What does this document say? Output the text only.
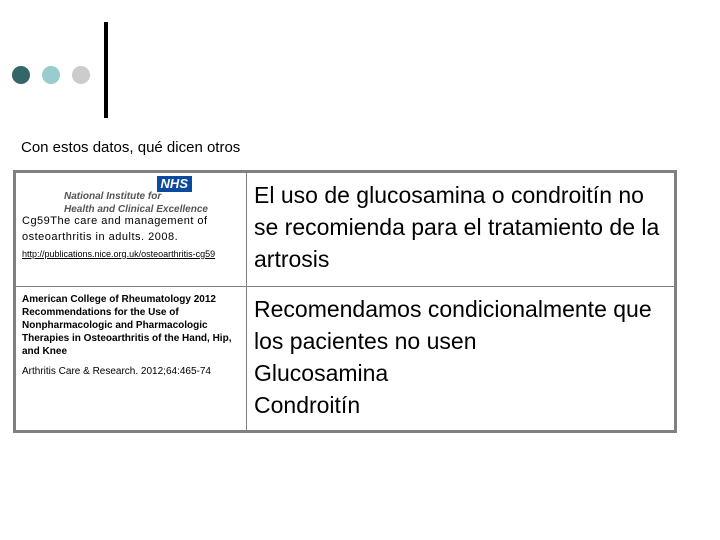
Con estos datos, qué dicen otros
NHS
National Institute for
Health and Clinical Excellence
Cg59The care and management of osteoarthritis in adults. 2008.
http://publications.nice.org.uk/osteoarthritis-cg59
El uso de glucosamina o condroitín no se recomienda para el tratamiento de la artrosis
American College of Rheumatology 2012 Recommendations for the Use of Nonpharmacologic and Pharmacologic Therapies in Osteoarthritis of the Hand, Hip, and Knee
Arthritis Care & Research. 2012;64:465-74
Recomendamos condicionalmente que los pacientes no usen
Glucosamina
Condroitín
